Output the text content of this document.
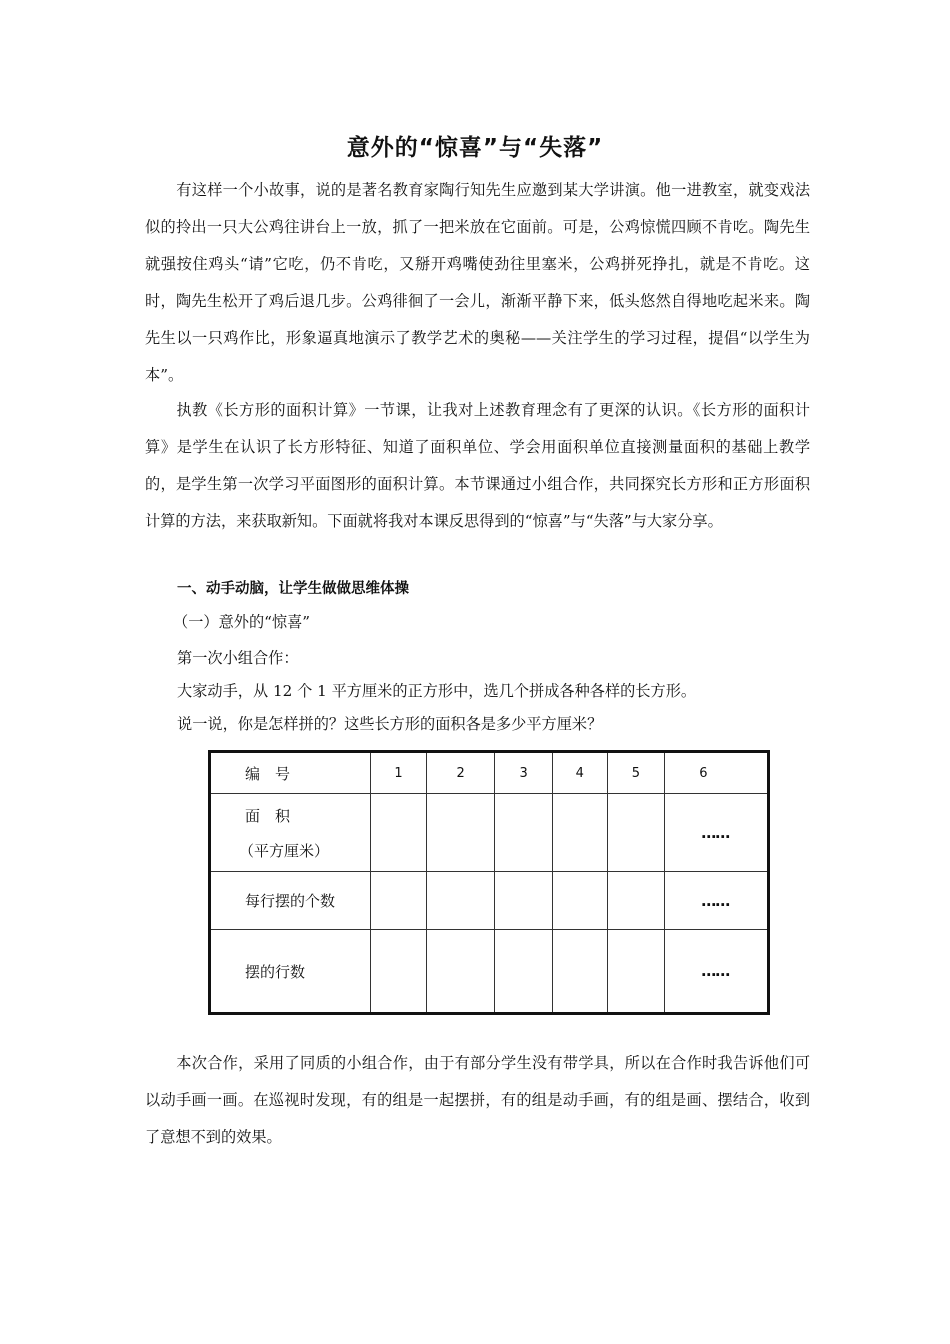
意外的“惊喜”与“失落”

有这样一个小故事，说的是著名教育家陶行知先生应邀到某大学讲演。他一进教室，就变戏法似的拎出一只大公鸡往讲台上一放，抓了一把米放在它面前。可是，公鸡惊慌四顾不肯吃。陶先生就强按住鸡头“请”它吃，仍不肯吃，又掰开鸡嘴使劲往里塞米，公鸡拼死挣扎，就是不肯吃。这时，陶先生松开了鸡后退几步。公鸡徘徊了一会儿，渐渐平静下来，低头悠然自得地吃起米来。陶先生以一只鸡作比，形象逼真地演示了教学艺术的奥秘——关注学生的学习过程，提倡“以学生为本”。

执教《长方形的面积计算》一节课，让我对上述教育理念有了更深的认识。《长方形的面积计算》是学生在认识了长方形特征、知道了面积单位、学会用面积单位直接测量面积的基础上教学的，是学生第一次学习平面图形的面积计算。本节课通过小组合作，共同探究长方形和正方形面积计算的方法，来获取新知。下面就将我对本课反思得到的“惊喜”与“失落”与大家分享。

一、动手动脑，让学生做做思维体操
（一）意外的“惊喜”
第一次小组合作：
大家动手，从 12 个 1 平方厘米的正方形中，选几个拼成各种各样的长方形。
说一说，你是怎样拼的？这些长方形的面积各是多少平方厘米？
编　号	1	2	3	4	5	6
面　积
（平方厘米）						……
每行摆的个数						……
摆的行数						……

本次合作，采用了同质的小组合作，由于有部分学生没有带学具，所以在合作时我告诉他们可以动手画一画。在巡视时发现，有的组是一起摆拼，有的组是动手画，有的组是画、摆结合，收到了意想不到的效果。
